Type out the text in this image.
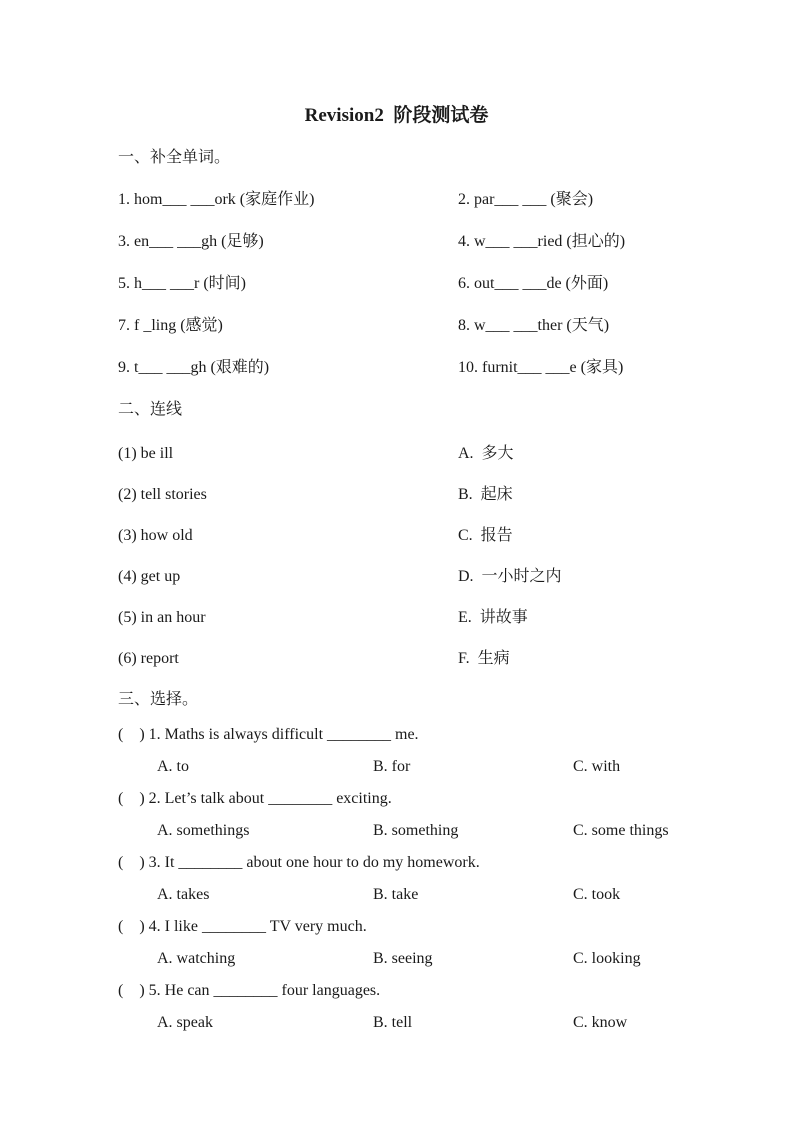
Revision2  阶段测试卷
一、补全单词。
1. hom___ ___ork (家庭作业)	2. par___ ___ (聚会)
3. en___ ___gh (足够)	4. w___ ___ried (担心的)
5. h___ ___r (时间)	6. out___ ___de (外面)
7. f _ling (感觉)	8. w___ ___ther (天气)
9. t___ ___gh (艰难的)	10. furnit___ ___e (家具)
二、连线
(1) be ill	A.  多大
(2) tell stories	B.  起床
(3) how old	C.  报告
(4) get up	D.  一小时之内
(5) in an hour	E.  讲故事
(6) report	F.  生病
三、选择。
(    ) 1. Maths is always difficult ________ me.
A. to	B. for	C. with
(    ) 2. Let’s talk about ________ exciting.
A. somethings	B. something	C. some things
(    ) 3. It ________ about one hour to do my homework.
A. takes	B. take	C. took
(    ) 4. I like ________ TV very much.
A. watching	B. seeing	C. looking
(    ) 5. He can ________ four languages.
A. speak	B. tell	C. know
